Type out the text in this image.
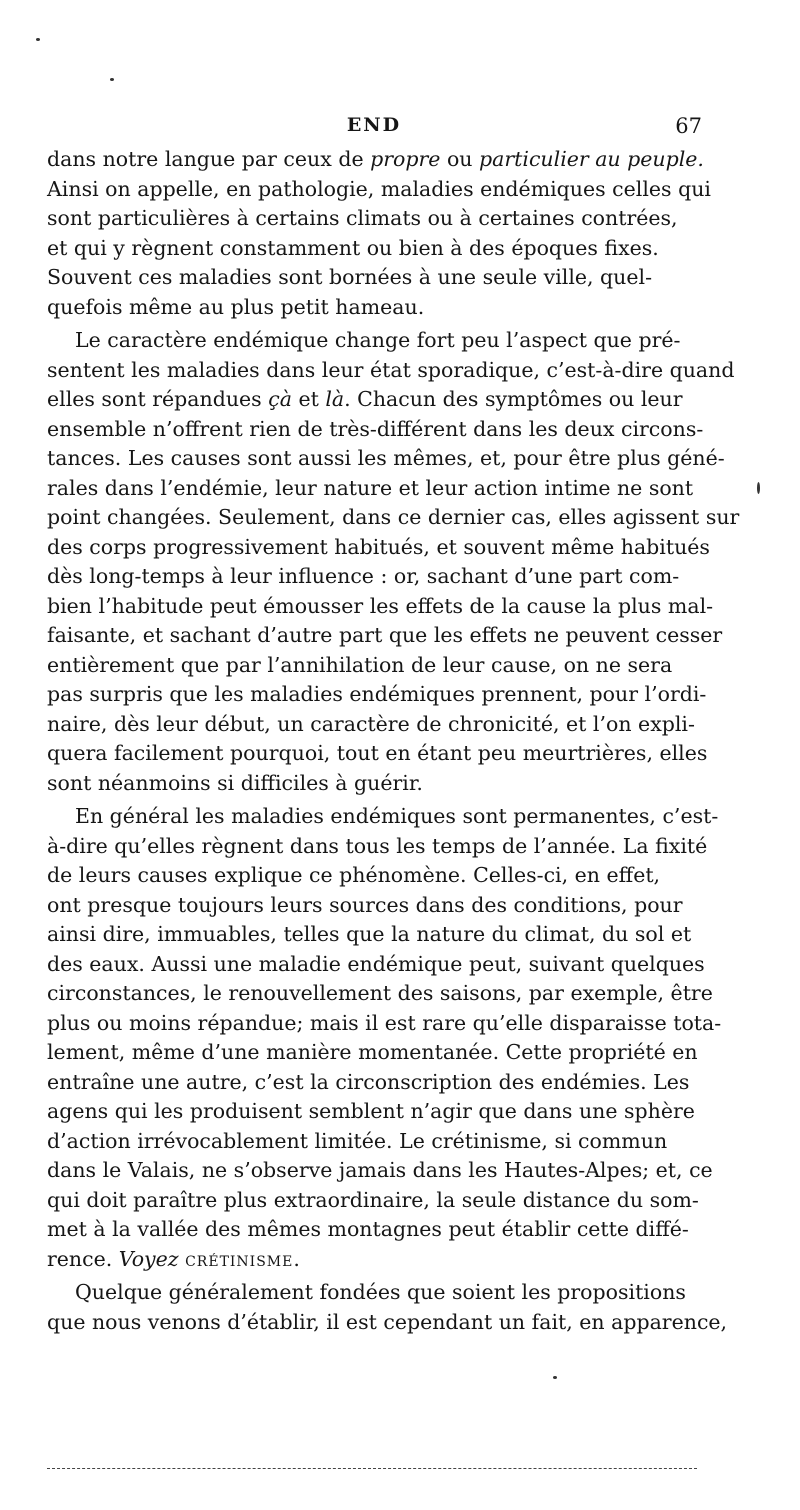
END	67
dans notre langue par ceux de propre ou particulier au peuple.
Ainsi on appelle, en pathologie, maladies endémiques celles qui
sont particulières à certains climats ou à certaines contrées,
et qui y règnent constamment ou bien à des époques fixes.
Souvent ces maladies sont bornées à une seule ville, quel-
quefois même au plus petit hameau.
Le caractère endémique change fort peu l’aspect que pré-
sentent les maladies dans leur état sporadique, c’est-à-dire quand
elles sont répandues çà et là. Chacun des symptômes ou leur
ensemble n’offrent rien de très-différent dans les deux circons-
tances. Les causes sont aussi les mêmes, et, pour être plus géné-
rales dans l’endémie, leur nature et leur action intime ne sont
point changées. Seulement, dans ce dernier cas, elles agissent sur
des corps progressivement habitués, et souvent même habitués
dès long-temps à leur influence : or, sachant d’une part com-
bien l’habitude peut émousser les effets de la cause la plus mal-
faisante, et sachant d’autre part que les effets ne peuvent cesser
entièrement que par l’annihilation de leur cause, on ne sera
pas surpris que les maladies endémiques prennent, pour l’ordi-
naire, dès leur début, un caractère de chronicité, et l’on expli-
quera facilement pourquoi, tout en étant peu meurtrières, elles
sont néanmoins si difficiles à guérir.
En général les maladies endémiques sont permanentes, c’est-
à-dire qu’elles règnent dans tous les temps de l’année. La fixité
de leurs causes explique ce phénomène. Celles-ci, en effet,
ont presque toujours leurs sources dans des conditions, pour
ainsi dire, immuables, telles que la nature du climat, du sol et
des eaux. Aussi une maladie endémique peut, suivant quelques
circonstances, le renouvellement des saisons, par exemple, être
plus ou moins répandue; mais il est rare qu’elle disparaisse tota-
lement, même d’une manière momentanée. Cette propriété en
entraîne une autre, c’est la circonscription des endémies. Les
agens qui les produisent semblent n’agir que dans une sphère
d’action irrévocablement limitée. Le crétinisme, si commun
dans le Valais, ne s’observe jamais dans les Hautes-Alpes; et, ce
qui doit paraître plus extraordinaire, la seule distance du som-
met à la vallée des mêmes montagnes peut établir cette diffé-
rence. Voyez crétinisme.
Quelque généralement fondées que soient les propositions
que nous venons d’établir, il est cependant un fait, en apparence,
